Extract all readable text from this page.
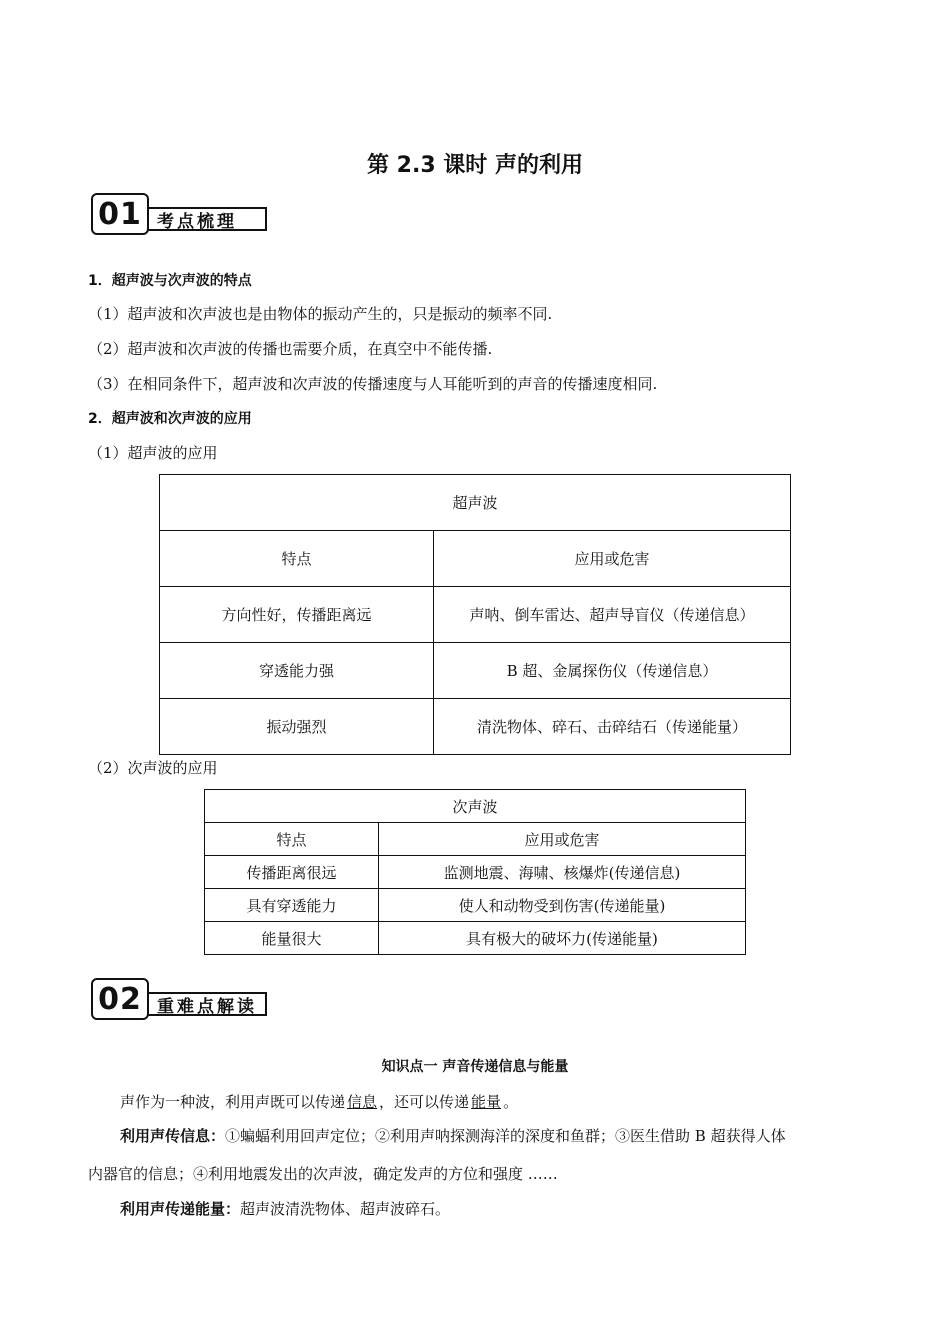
第 2.3 课时 声的利用
01 考点梳理
1．超声波与次声波的特点
（1）超声波和次声波也是由物体的振动产生的，只是振动的频率不同.
（2）超声波和次声波的传播也需要介质，在真空中不能传播.
（3）在相同条件下，超声波和次声波的传播速度与人耳能听到的声音的传播速度相同.
2．超声波和次声波的应用
（1）超声波的应用
超声波	
特点	应用或危害
方向性好，传播距离远	声呐、倒车雷达、超声导盲仪（传递信息）
穿透能力强	B 超、金属探伤仪（传递信息）
振动强烈	清洗物体、碎石、击碎结石（传递能量）
（2）次声波的应用
次声波	
特点	应用或危害
传播距离很远	监测地震、海啸、核爆炸(传递信息)
具有穿透能力	使人和动物受到伤害(传递能量)
能量很大	具有极大的破坏力(传递能量)
02 重难点解读
知识点一 声音传递信息与能量
声作为一种波，利用声既可以传递 信息 ，还可以传递 能量 。
利用声传信息：①蝙蝠利用回声定位；②利用声呐探测海洋的深度和鱼群；③医生借助 B 超获得人体
内器官的信息；④利用地震发出的次声波，确定发声的方位和强度 ……
利用声传递能量：超声波清洗物体、超声波碎石。
